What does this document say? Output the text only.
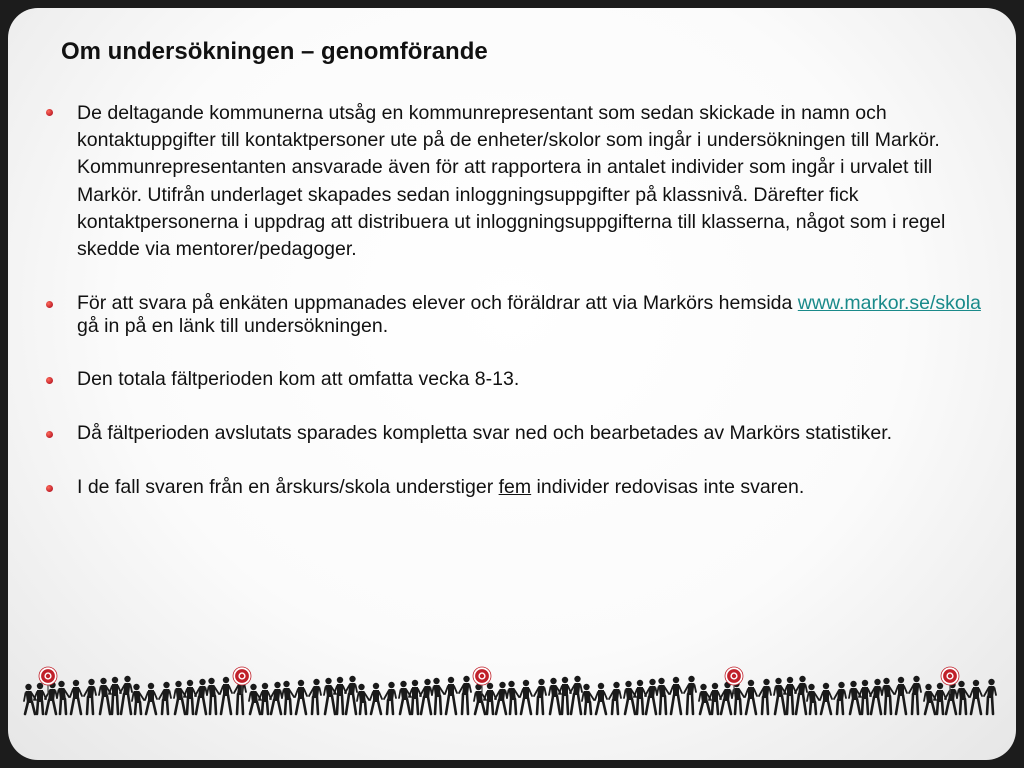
Om undersökningen – genomförande
De deltagande kommunerna utsåg en kommunrepresentant som sedan skickade in namn och kontaktuppgifter till kontaktpersoner ute på de enheter/skolor som ingår i undersökningen till Markör. Kommunrepresentanten ansvarade även för att rapportera in antalet individer som ingår i urvalet till Markör. Utifrån underlaget skapades sedan inloggningsuppgifter på klassnivå. Därefter fick kontaktpersonerna i uppdrag att distribuera ut inloggningsuppgifterna till klasserna, något som i regel skedde via mentorer/pedagoger.
För att svara på enkäten uppmanades elever och föräldrar att via Markörs hemsida www.markor.se/skola gå in på en länk till undersökningen.
Den totala fältperioden kom att omfatta vecka 8-13.
Då fältperioden avslutats sparades kompletta svar ned och bearbetades av Markörs statistiker.
I de fall svaren från en årskurs/skola understiger fem individer redovisas inte svaren.
